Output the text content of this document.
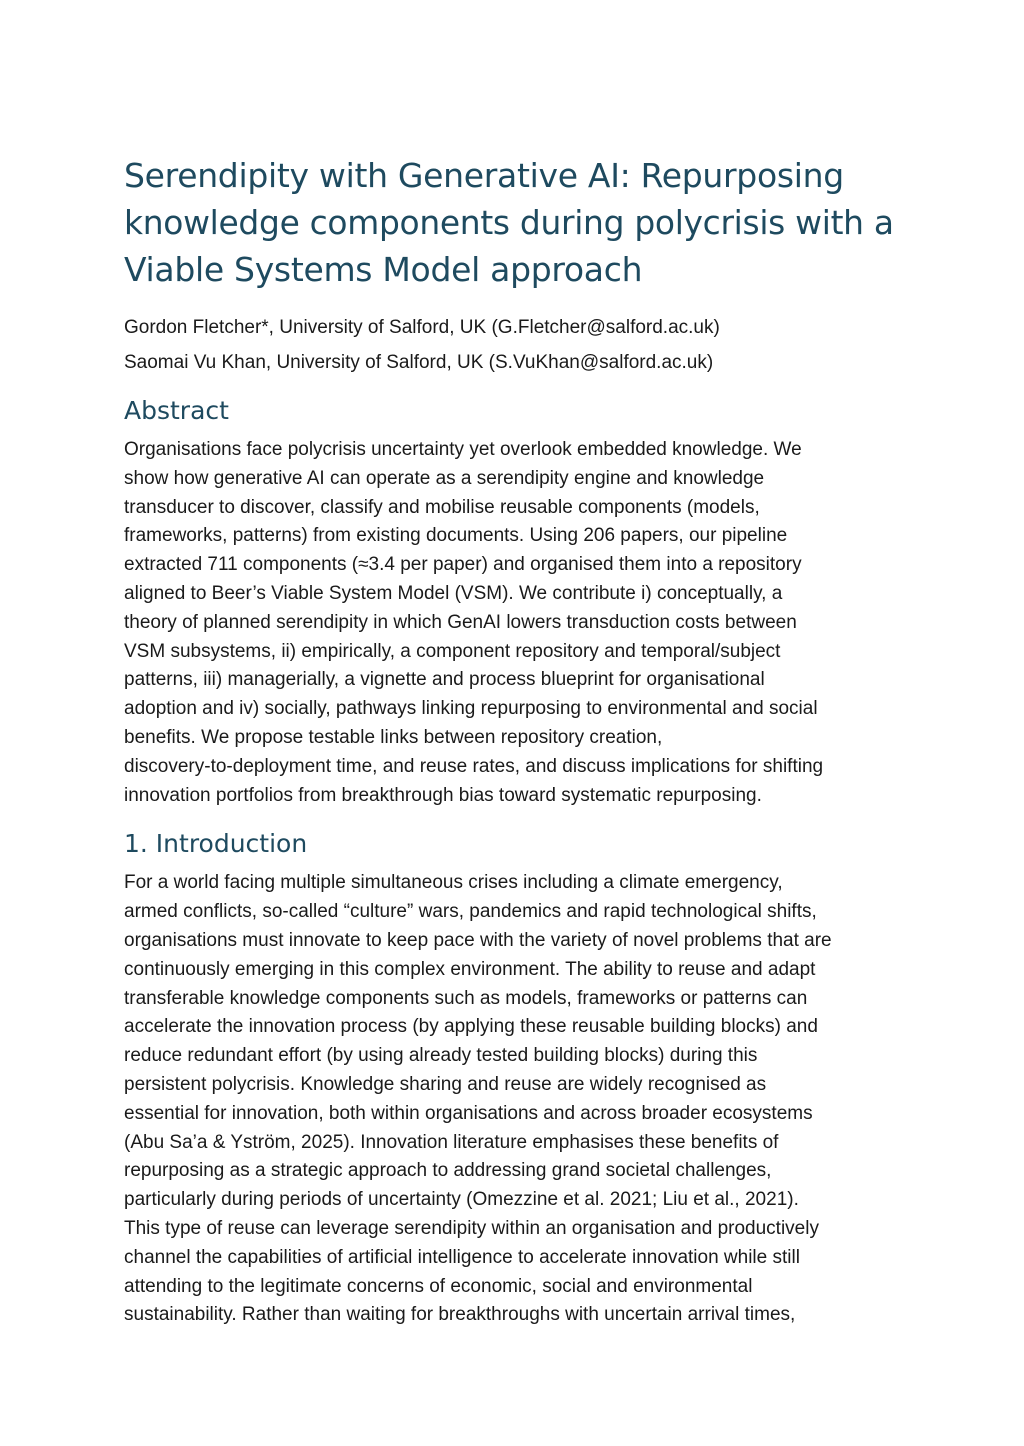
Serendipity with Generative AI: Repurposing
knowledge components during polycrisis with a
Viable Systems Model approach
Gordon Fletcher*, University of Salford, UK (G.Fletcher@salford.ac.uk)
Saomai Vu Khan, University of Salford, UK (S.VuKhan@salford.ac.uk)
Abstract
Organisations face polycrisis uncertainty yet overlook embedded knowledge. We
show how generative AI can operate as a serendipity engine and knowledge
transducer to discover, classify and mobilise reusable components (models,
frameworks, patterns) from existing documents. Using 206 papers, our pipeline
extracted 711 components (≈3.4 per paper) and organised them into a repository
aligned to Beer’s Viable System Model (VSM). We contribute i) conceptually, a
theory of planned serendipity in which GenAI lowers transduction costs between
VSM subsystems, ii) empirically, a component repository and temporal/subject
patterns, iii) managerially, a vignette and process blueprint for organisational
adoption and iv) socially, pathways linking repurposing to environmental and social
benefits. We propose testable links between repository creation,
discovery-to-deployment time, and reuse rates, and discuss implications for shifting
innovation portfolios from breakthrough bias toward systematic repurposing.
1. Introduction
For a world facing multiple simultaneous crises including a climate emergency,
armed conflicts, so-called “culture” wars, pandemics and rapid technological shifts,
organisations must innovate to keep pace with the variety of novel problems that are
continuously emerging in this complex environment. The ability to reuse and adapt
transferable knowledge components such as models, frameworks or patterns can
accelerate the innovation process (by applying these reusable building blocks) and
reduce redundant effort (by using already tested building blocks) during this
persistent polycrisis. Knowledge sharing and reuse are widely recognised as
essential for innovation, both within organisations and across broader ecosystems
(Abu Sa’a & Yström, 2025). Innovation literature emphasises these benefits of
repurposing as a strategic approach to addressing grand societal challenges,
particularly during periods of uncertainty (Omezzine et al. 2021; Liu et al., 2021).
This type of reuse can leverage serendipity within an organisation and productively
channel the capabilities of artificial intelligence to accelerate innovation while still
attending to the legitimate concerns of economic, social and environmental
sustainability. Rather than waiting for breakthroughs with uncertain arrival times,
